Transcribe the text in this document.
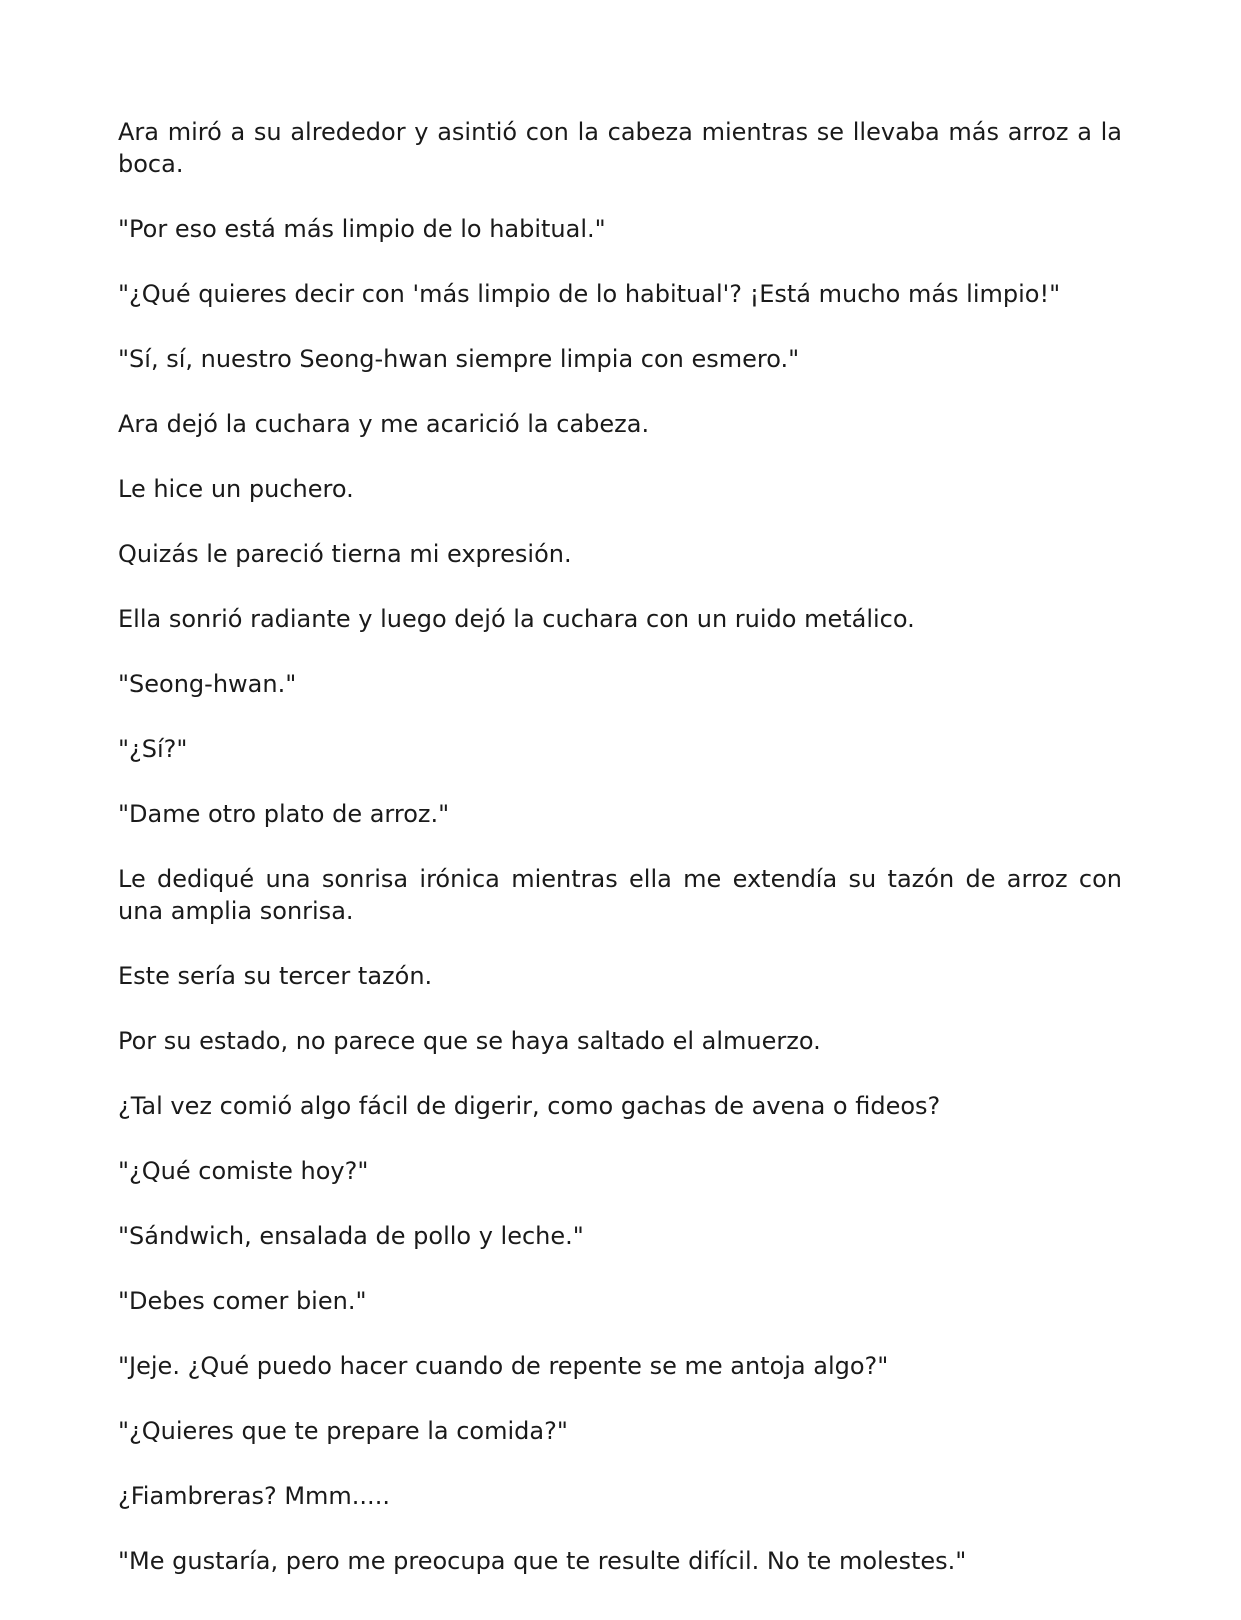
Ara miró a su alrededor y asintió con la cabeza mientras se llevaba más arroz a la boca.

"Por eso está más limpio de lo habitual."

"¿Qué quieres decir con 'más limpio de lo habitual'? ¡Está mucho más limpio!"

"Sí, sí, nuestro Seong-hwan siempre limpia con esmero."

Ara dejó la cuchara y me acarició la cabeza.

Le hice un puchero.

Quizás le pareció tierna mi expresión.

Ella sonrió radiante y luego dejó la cuchara con un ruido metálico.

"Seong-hwan."

"¿Sí?"

"Dame otro plato de arroz."

Le dediqué una sonrisa irónica mientras ella me extendía su tazón de arroz con una amplia sonrisa.

Este sería su tercer tazón.

Por su estado, no parece que se haya saltado el almuerzo.

¿Tal vez comió algo fácil de digerir, como gachas de avena o fideos?

"¿Qué comiste hoy?"

"Sándwich, ensalada de pollo y leche."

"Debes comer bien."

"Jeje. ¿Qué puedo hacer cuando de repente se me antoja algo?"

"¿Quieres que te prepare la comida?"

¿Fiambreras? Mmm.....

"Me gustaría, pero me preocupa que te resulte difícil. No te molestes."
